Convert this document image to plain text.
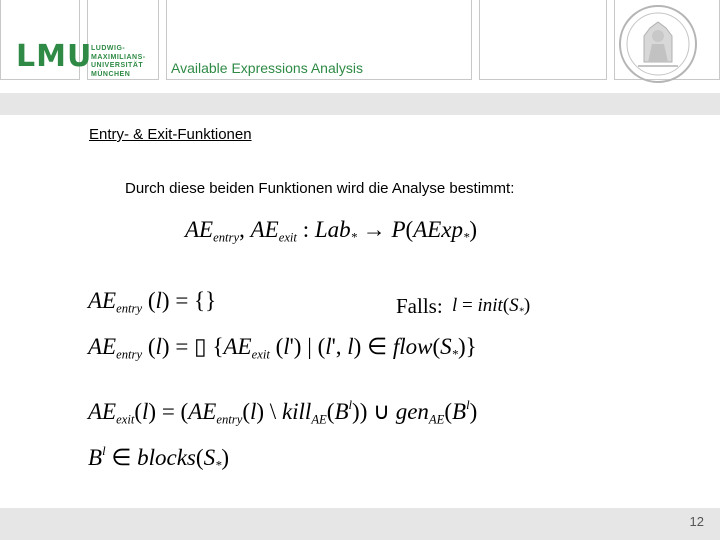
LMU
LUDWIG-
MAXIMILIANS-
UNIVERSITÄT
MÜNCHEN	Available Expressions Analysis
Entry- & Exit-Funktionen
Durch diese beiden Funktionen wird die Analyse bestimmt:
$AE_{entry}$, $AE_{exit}$ : Lab$_*$ → P(AExp$_*$)
$AE_{entry}$ (l) = {}	Falls: $l = init(S_*)$
$AE_{entry}$ (l) = ▯ {$AE_{exit}$ (l') | (l', l) ∈ $flow(S_*)$}
$AE_{exit}(l) = (AE_{entry}(l)$ \ $kill_{AE}(B^l)$) ∪ $gen_{AE}(B^l)$
$B^l$ ∈ $blocks(S_*)$
12
